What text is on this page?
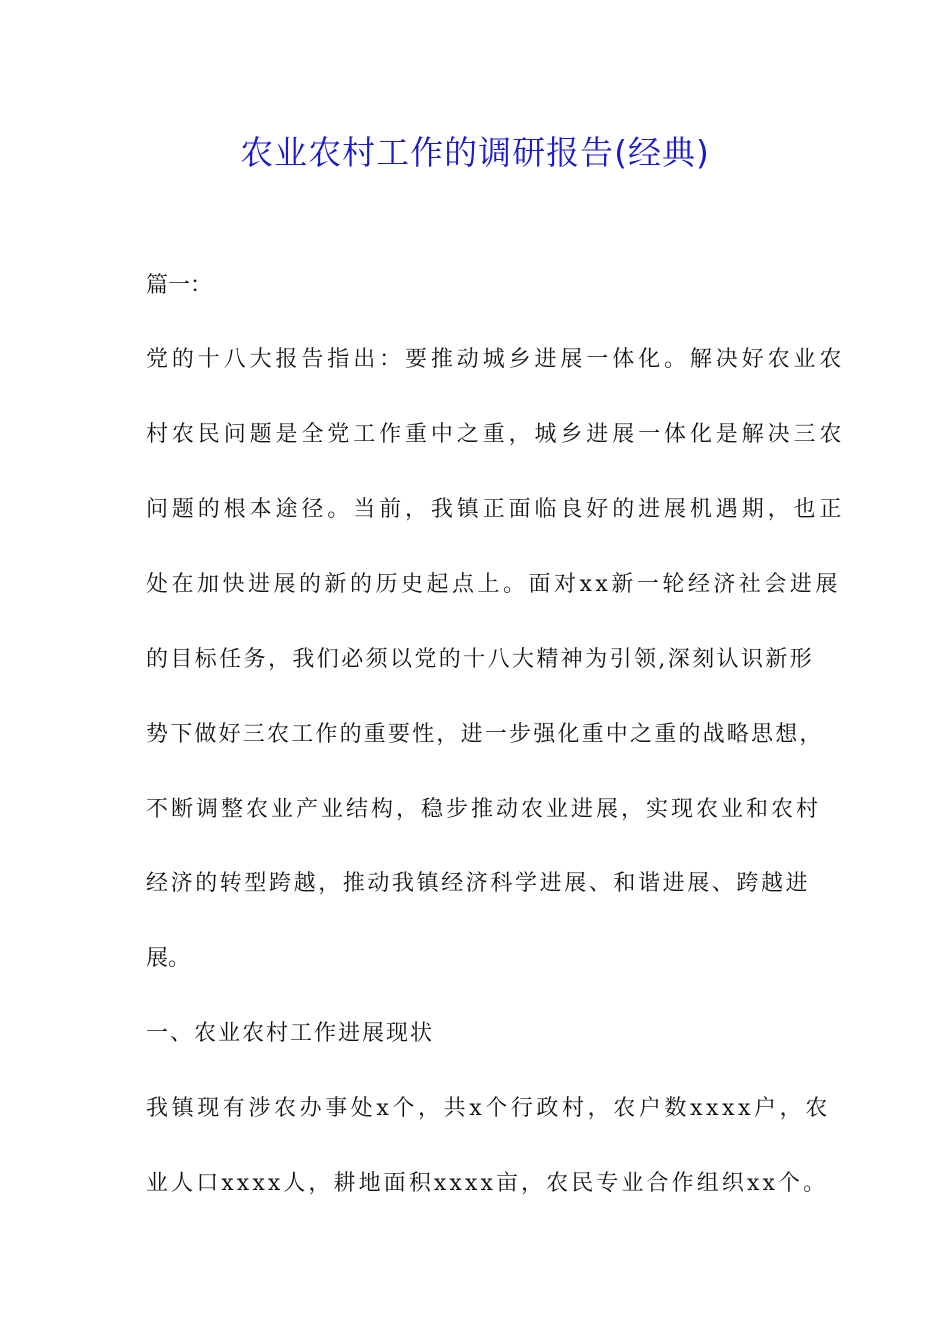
农业农村工作的调研报告(经典)

篇一：

党的十八大报告指出：要推动城乡进展一体化。解决好农业农

村农民问题是全党工作重中之重，城乡进展一体化是解决三农

问题的根本途径。当前，我镇正面临良好的进展机遇期，也正

处在加快进展的新的历史起点上。面对xx新一轮经济社会进展

的目标任务，我们必须以党的十八大精神为引领,深刻认识新形

势下做好三农工作的重要性，进一步强化重中之重的战略思想，

不断调整农业产业结构，稳步推动农业进展，实现农业和农村

经济的转型跨越，推动我镇经济科学进展、和谐进展、跨越进

展。

一、农业农村工作进展现状

我镇现有涉农办事处x个，共x个行政村，农户数xxxx户，农

业人口xxxx人，耕地面积xxxx亩，农民专业合作组织xx个。
